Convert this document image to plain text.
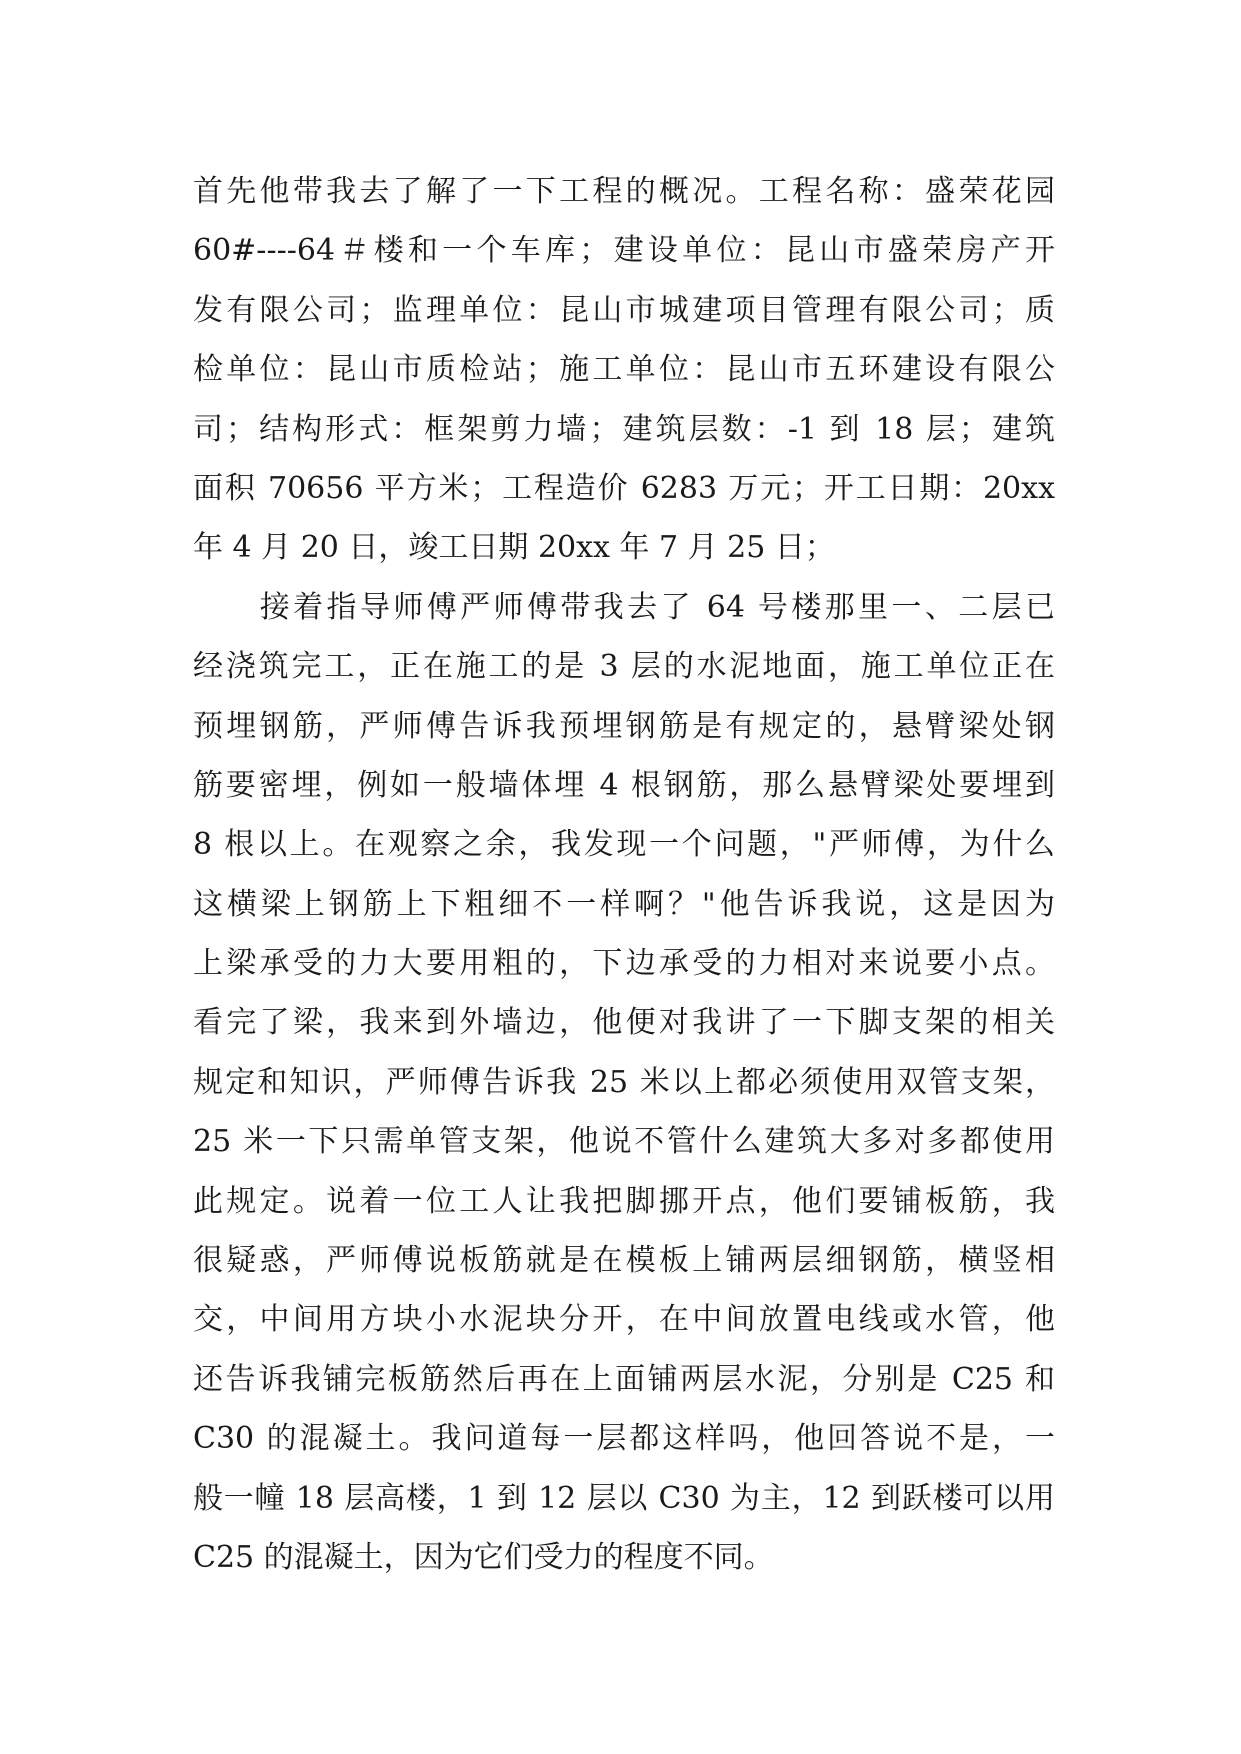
首先他带我去了解了一下工程的概况。工程名称：盛荣花园
60#----64＃楼和一个车库；建设单位：昆山市盛荣房产开
发有限公司；监理单位：昆山市城建项目管理有限公司；质
检单位：昆山市质检站；施工单位：昆山市五环建设有限公
司；结构形式：框架剪力墙；建筑层数：-1 到 18 层；建筑
面积 70656 平方米；工程造价 6283 万元；开工日期：20xx
年 4 月 20 日，竣工日期 20xx 年 7 月 25 日；
　　接着指导师傅严师傅带我去了 64 号楼那里一、二层已
经浇筑完工，正在施工的是 3 层的水泥地面，施工单位正在
预埋钢筋，严师傅告诉我预埋钢筋是有规定的，悬臂梁处钢
筋要密埋，例如一般墙体埋 4 根钢筋，那么悬臂梁处要埋到
8 根以上。在观察之余，我发现一个问题，"严师傅，为什么
这横梁上钢筋上下粗细不一样啊？"他告诉我说，这是因为
上梁承受的力大要用粗的，下边承受的力相对来说要小点。
看完了梁，我来到外墙边，他便对我讲了一下脚支架的相关
规定和知识，严师傅告诉我 25 米以上都必须使用双管支架，
25 米一下只需单管支架，他说不管什么建筑大多对多都使用
此规定。说着一位工人让我把脚挪开点，他们要铺板筋，我
很疑惑，严师傅说板筋就是在模板上铺两层细钢筋，横竖相
交，中间用方块小水泥块分开，在中间放置电线或水管，他
还告诉我铺完板筋然后再在上面铺两层水泥，分别是 C25 和
C30 的混凝土。我问道每一层都这样吗，他回答说不是，一
般一幢 18 层高楼，1 到 12 层以 C30 为主，12 到跃楼可以用
C25 的混凝土，因为它们受力的程度不同。
